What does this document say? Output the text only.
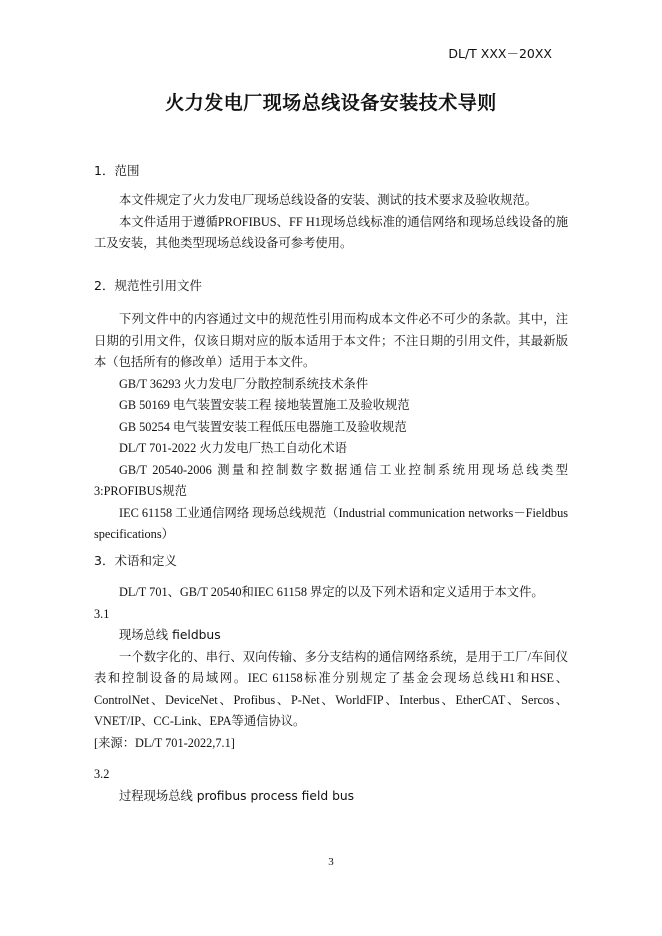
DL/T XXX－20XX
火力发电厂现场总线设备安装技术导则
1．范围
本文件规定了火力发电厂现场总线设备的安装、测试的技术要求及验收规范。
本文件适用于遵循PROFIBUS、FF H1现场总线标准的通信网络和现场总线设备的施工及安装，其他类型现场总线设备可参考使用。
2．规范性引用文件
下列文件中的内容通过文中的规范性引用而构成本文件必不可少的条款。其中，注日期的引用文件，仅该日期对应的版本适用于本文件；不注日期的引用文件，其最新版本（包括所有的修改单）适用于本文件。
GB/T 36293 火力发电厂分散控制系统技术条件
GB 50169 电气装置安装工程 接地装置施工及验收规范
GB 50254 电气装置安装工程低压电器施工及验收规范
DL/T 701-2022 火力发电厂热工自动化术语
GB/T 20540-2006 测量和控制数字数据通信工业控制系统用现场总线类型3:PROFIBUS规范
IEC 61158 工业通信网络 现场总线规范（Industrial communication networks－Fieldbus specifications）
3．术语和定义
DL/T 701、GB/T 20540和IEC 61158 界定的以及下列术语和定义适用于本文件。
3.1
现场总线 fieldbus
一个数字化的、串行、双向传输、多分支结构的通信网络系统，是用于工厂/车间仪表和控制设备的局域网。IEC 61158标准分别规定了基金会现场总线H1和HSE、ControlNet、DeviceNet、Profibus、P-Net、WorldFIP、Interbus、EtherCAT、Sercos、VNET/IP、CC-Link、EPA等通信协议。
[来源：DL/T 701-2022,7.1]
3.2
过程现场总线 profibus process field bus
3
